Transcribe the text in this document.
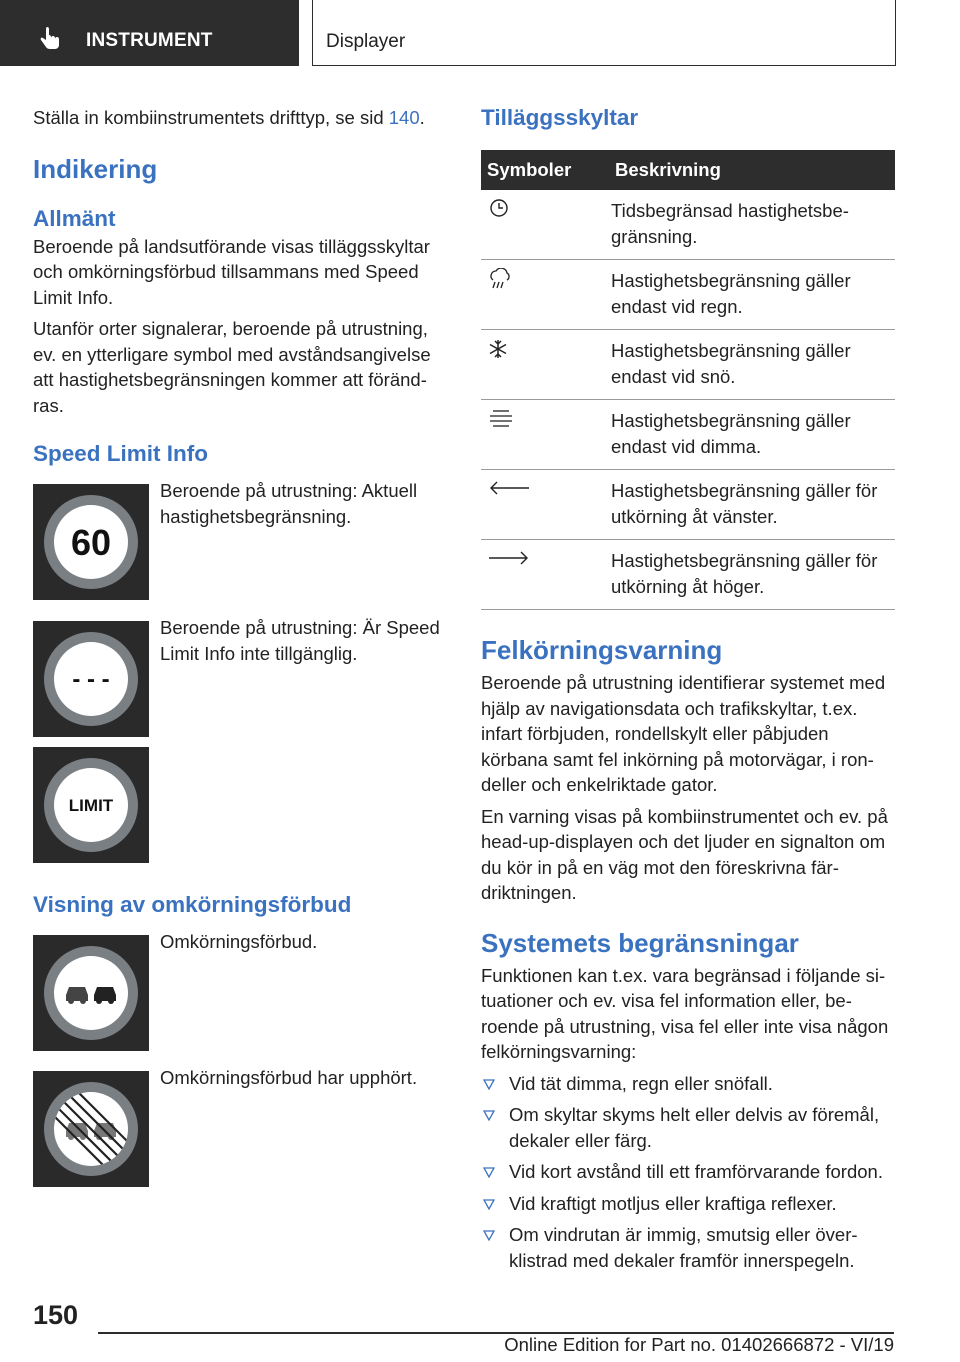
INSTRUMENT	Displayer

Ställa in kombiinstrumentets drifttyp, se sid 140.

Indikering
Allmänt

Beroende på landsutförande visas tilläggsskyltar och omkörningsförbud tillsammans med Speed Limit Info.

Utanför orter signalerar, beroende på utrustning, ev. en ytterligare symbol med avståndsangivelse att hastighetsbegränsningen kommer att förändras.

Speed Limit Info
60
Beroende på utrustning: Aktuell hastighetsbegränsning.
- - -
Beroende på utrustning: Är Speed Limit Info inte tillgänglig.
LIMIT
Visning av omkörningsförbud
Omkörningsförbud.
Omkörningsförbud har upphört.
Tilläggsskyltar
Symboler	Beskrivning
	Tidsbegränsad hastighetsbegränsning.
	Hastighetsbegränsning gäller endast vid regn.
	Hastighetsbegränsning gäller endast vid snö.
	Hastighetsbegränsning gäller endast vid dimma.
	Hastighetsbegränsning gäller för utkörning åt vänster.
	Hastighetsbegränsning gäller för utkörning åt höger.
Felkörningsvarning

Beroende på utrustning identifierar systemet med hjälp av navigationsdata och trafikskyltar, t.ex. infart förbjuden, rondellskylt eller påbjuden körbana samt fel inkörning på motorvägar, i rondeller och enkelriktade gator.

En varning visas på kombiinstrumentet och ev. på head-up-displayen och det ljuder en signalton om du kör in på en väg mot den föreskrivna färdriktningen.

Systemets begränsningar

Funktionen kan t.ex. vara begränsad i följande situationer och ev. visa fel information eller, beroende på utrustning, visa fel eller inte visa någon felkörningsvarning:

Vid tät dimma, regn eller snöfall.
Om skyltar skyms helt eller delvis av föremål, dekaler eller färg.
Vid kort avstånd till ett framförvarande fordon.
Vid kraftigt motljus eller kraftiga reflexer.
Om vindrutan är immig, smutsig eller överklistrad med dekaler framför innerspegeln.
150
Online Edition for Part no. 01402666872 - VI/19
